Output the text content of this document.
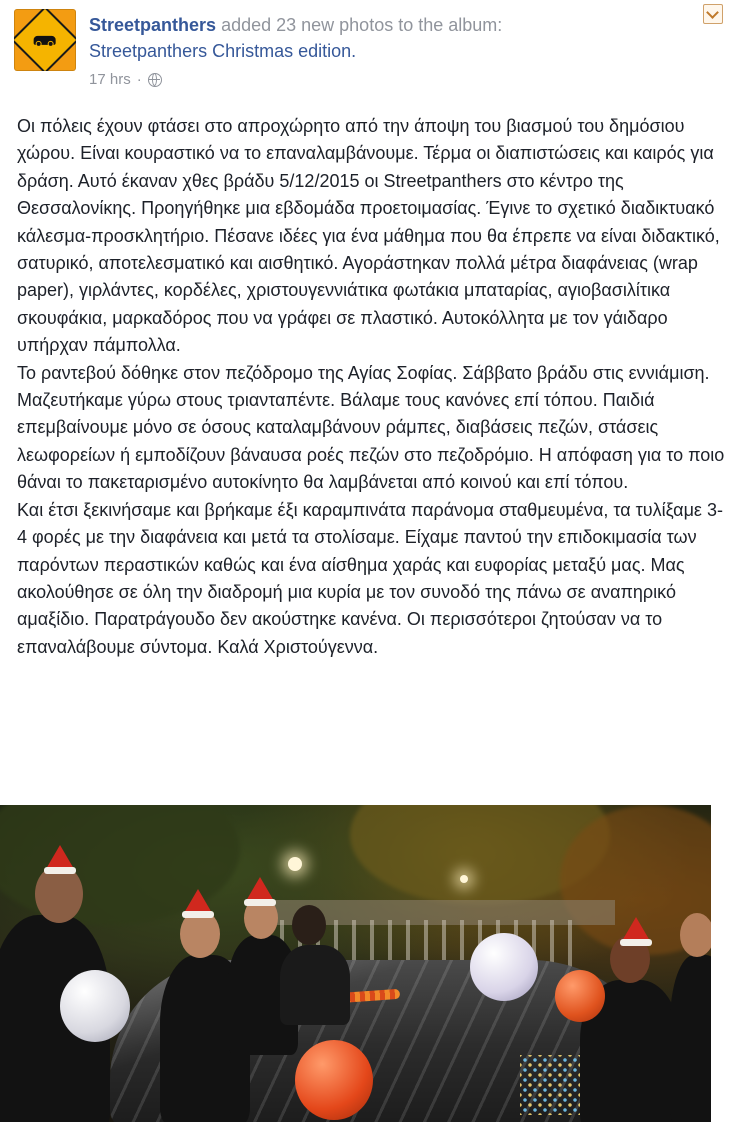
Streetpanthers added 23 new photos to the album:
Streetpanthers Christmas edition.
17 hrs ·

Οι πόλεις έχουν φτάσει στο απροχώρητο από την άποψη του βιασμού του δημόσιου χώρου. Είναι κουραστικό να το επαναλαμβάνουμε. Τέρμα οι διαπιστώσεις και καιρός για δράση. Αυτό έκαναν χθες βράδυ 5/12/2015 οι Streetpanthers στο κέντρο της Θεσσαλονίκης. Προηγήθηκε μια εβδομάδα προετοιμασίας. Έγινε το σχετικό διαδικτυακό κάλεσμα-προσκλητήριο. Πέσανε ιδέες για ένα μάθημα που θα έπρεπε να είναι διδακτικό, σατυρικό, αποτελεσματικό και αισθητικό. Αγοράστηκαν πολλά μέτρα διαφάνειας (wrap paper), γιρλάντες, κορδέλες, χριστουγεννιάτικα φωτάκια μπαταρίας, αγιοβασιλίτικα σκουφάκια, μαρκαδόρος που να γράφει σε πλαστικό. Αυτοκόλλητα με τον γάιδαρο υπήρχαν πάμπολλα.

Το ραντεβού δόθηκε στον πεζόδρομο της Αγίας Σοφίας. Σάββατο βράδυ στις εννιάμιση. Μαζευτήκαμε γύρω στους τριανταπέντε. Βάλαμε τους κανόνες επί τόπου. Παιδιά επεμβαίνουμε μόνο σε όσους καταλαμβάνουν ράμπες, διαβάσεις πεζών, στάσεις λεωφορείων ή εμποδίζουν βάναυσα ροές πεζών στο πεζοδρόμιο. Η απόφαση για το ποιο θάναι το πακεταρισμένο αυτοκίνητο θα λαμβάνεται από κοινού και επί τόπου.

Και έτσι ξεκινήσαμε και βρήκαμε έξι καραμπινάτα παράνομα σταθμευμένα, τα τυλίξαμε 3-4 φορές με την διαφάνεια και μετά τα στολίσαμε. Είχαμε παντού την επιδοκιμασία των παρόντων περαστικών καθώς και ένα αίσθημα χαράς και ευφορίας μεταξύ μας. Μας ακολούθησε σε όλη την διαδρομή μια κυρία με τον συνοδό της πάνω σε αναπηρικό αμαξίδιο. Παρατράγουδο δεν ακούστηκε κανένα. Οι περισσότεροι ζητούσαν να το επαναλάβουμε σύντομα. Καλά Χριστούγεννα.
